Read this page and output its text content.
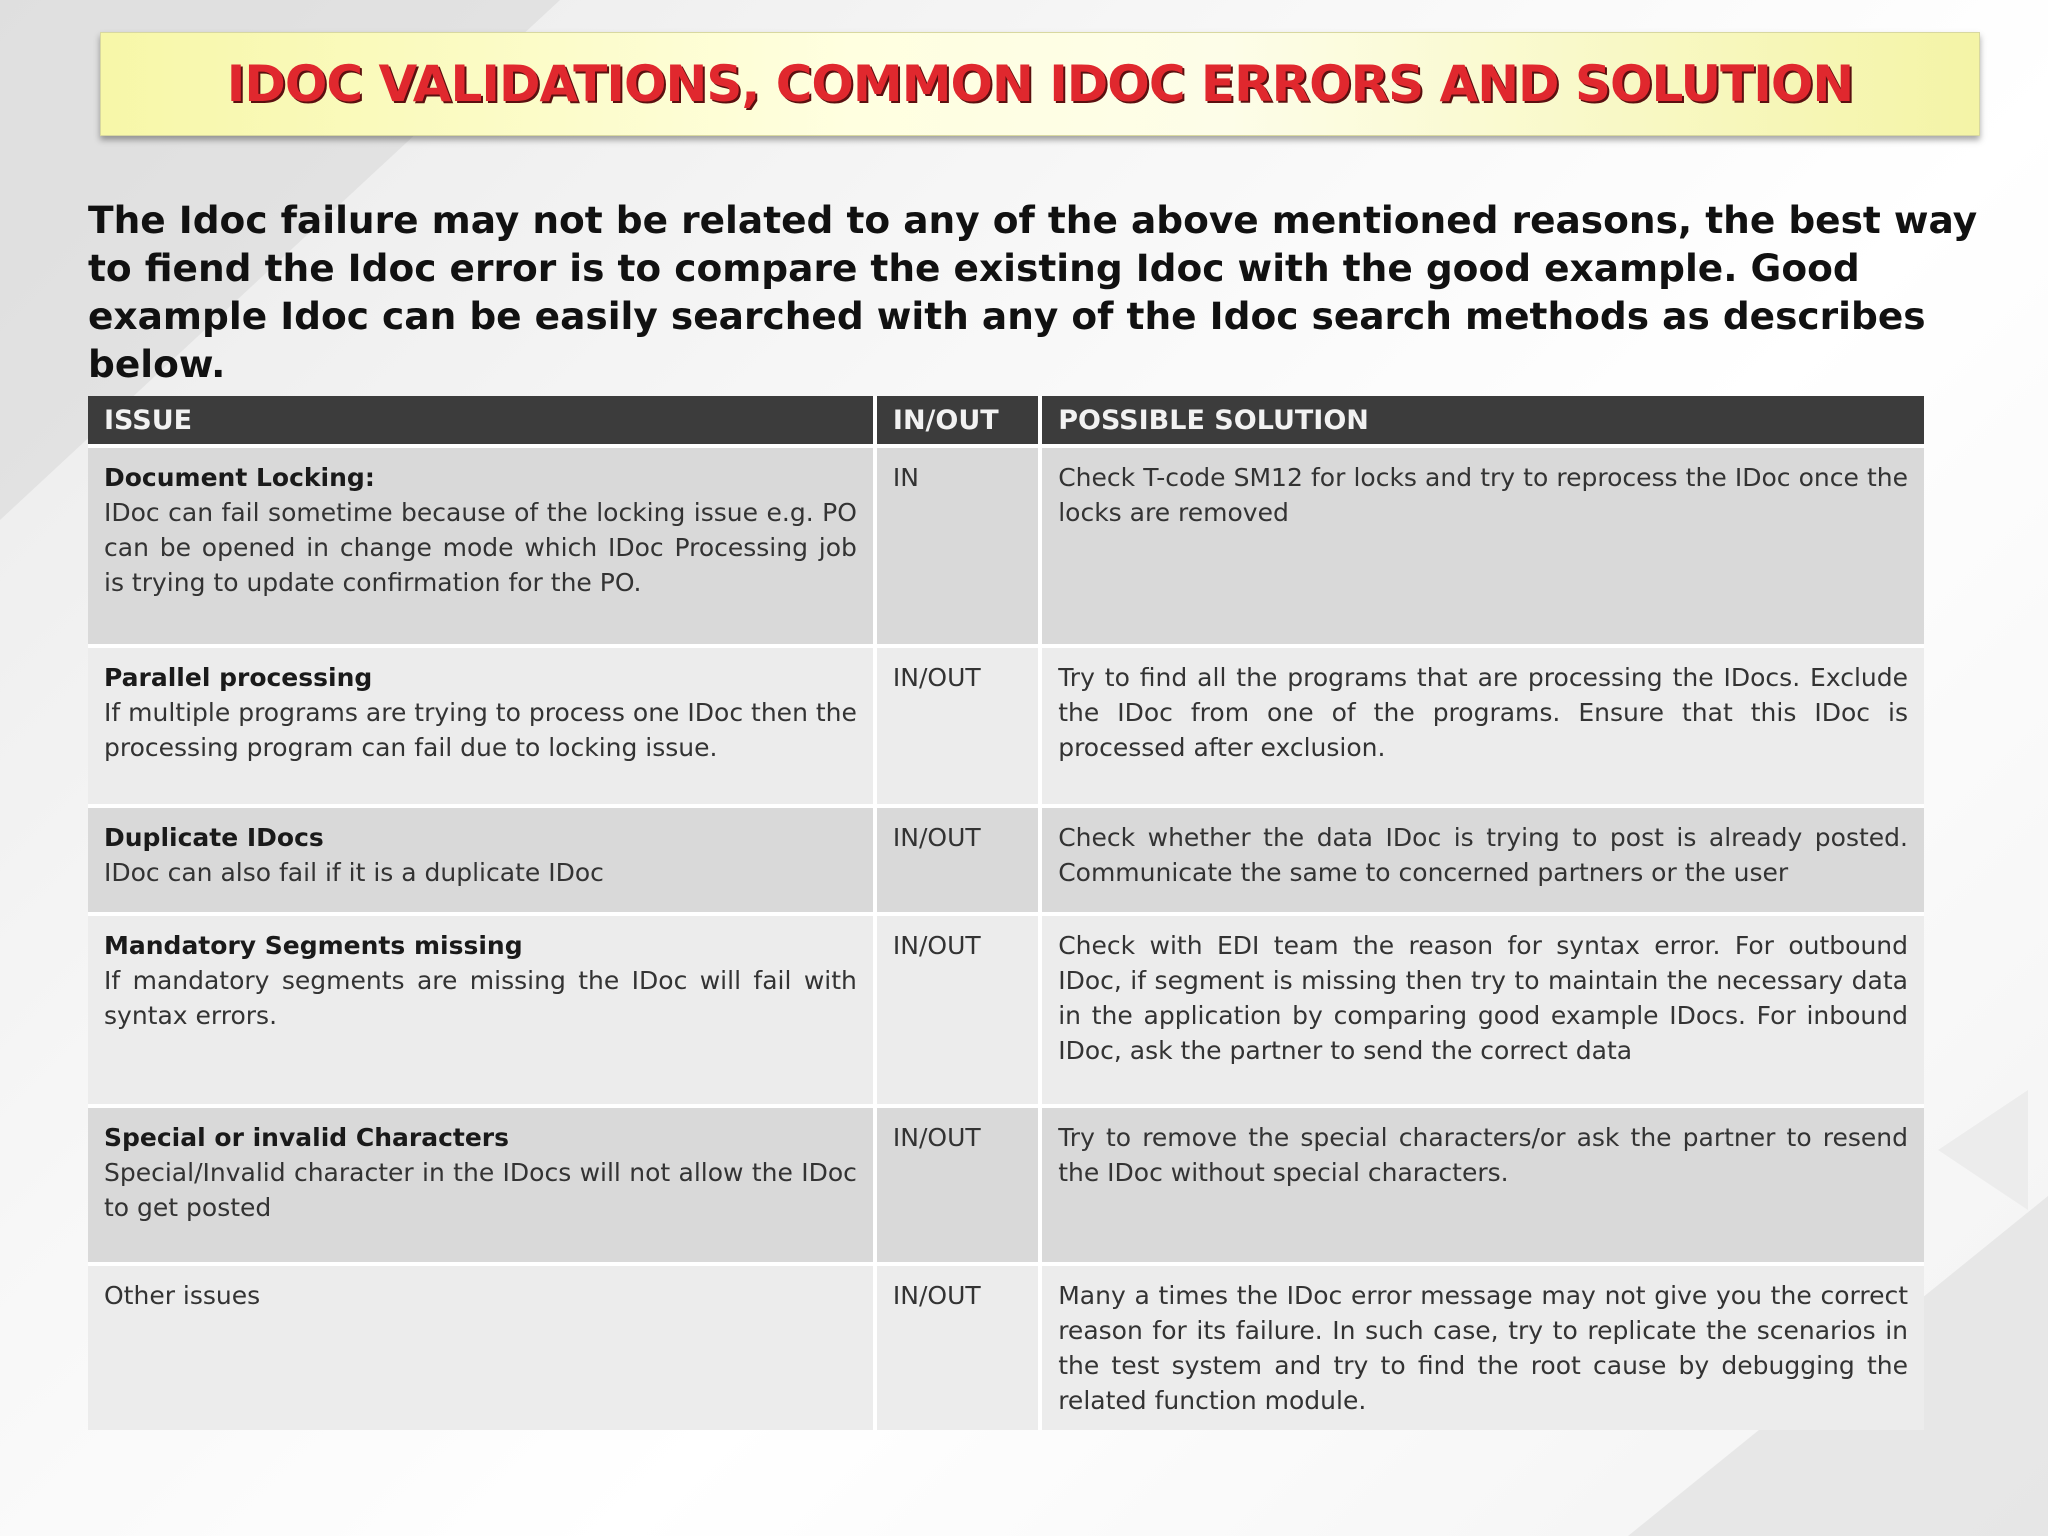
IDOC VALIDATIONS, COMMON IDOC ERRORS AND SOLUTION

The Idoc failure may not be related to any of the above mentioned reasons, the best way to fiend the Idoc error is to compare the existing Idoc with the good example. Good example Idoc can be easily searched with any of the Idoc search methods as describes below.

ISSUE	IN/OUT	POSSIBLE SOLUTION

Document Locking:
IDoc can fail sometime because of the locking issue e.g. PO can be opened in change mode which IDoc Processing job is trying to update confirmation for the PO.	IN	Check T-code SM12 for locks and try to reprocess the IDoc once the locks are removed

Parallel processing
If multiple programs are trying to process one IDoc then the processing program can fail due to locking issue.	IN/OUT	Try to find all the programs that are processing the IDocs. Exclude the IDoc from one of the programs. Ensure that this IDoc is processed after exclusion.

Duplicate IDocs
IDoc can also fail if it is a duplicate IDoc	IN/OUT	Check whether the data IDoc is trying to post is already posted. Communicate the same to concerned partners or the user

Mandatory Segments missing
If mandatory segments are missing the IDoc will fail with syntax errors.	IN/OUT	Check with EDI team the reason for syntax error. For outbound IDoc, if segment is missing then try to maintain the necessary data in the application by comparing good example IDocs. For inbound IDoc, ask the partner to send the correct data

Special or invalid Characters
Special/Invalid character in the IDocs will not allow the IDoc to get posted	IN/OUT	Try to remove the special characters/or ask the partner to resend the IDoc without special characters.

Other issues	IN/OUT	Many a times the IDoc error message may not give you the correct reason for its failure. In such case, try to replicate the scenarios in the test system and try to find the root cause by debugging the related function module.
